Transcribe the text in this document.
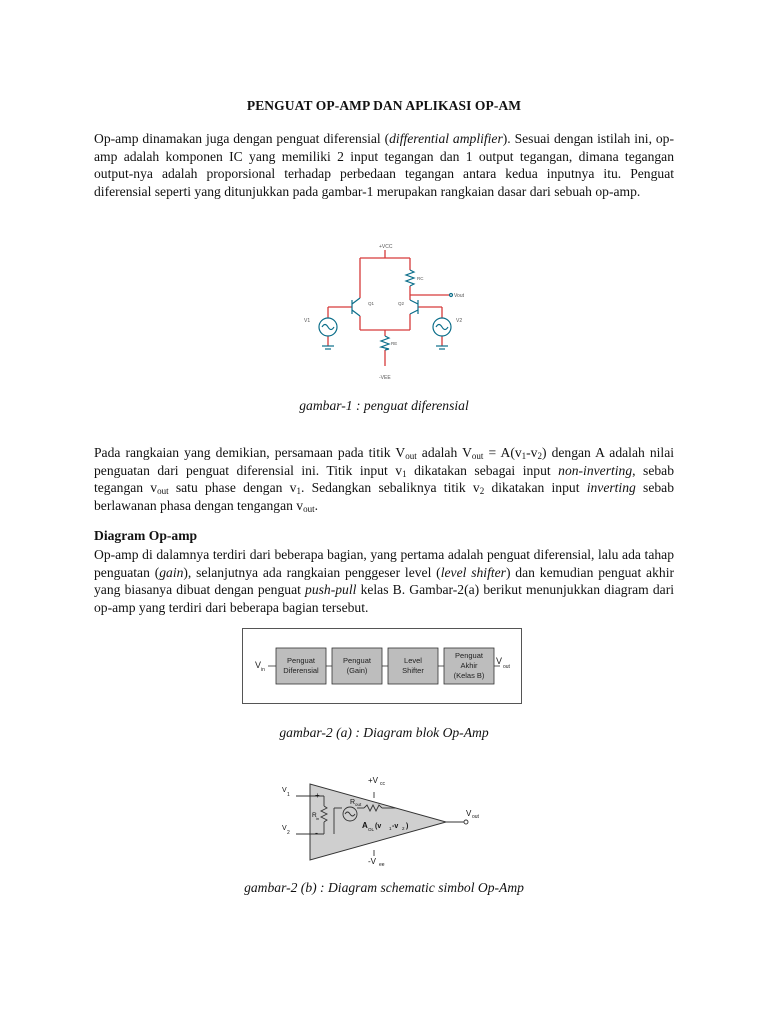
PENGUAT OP-AMP DAN APLIKASI OP-AM
Op-amp dinamakan juga dengan penguat diferensial (differential amplifier). Sesuai dengan istilah ini, op-amp adalah komponen IC yang memiliki 2 input tegangan dan 1 output tegangan, dimana tegangan output-nya adalah proporsional terhadap perbedaan tegangan antara kedua inputnya itu. Penguat diferensial seperti yang ditunjukkan pada gambar-1 merupakan rangkaian dasar dari sebuah op-amp.
+VCC
RC
RE
Q1	Q2
Vout
V1	V2
-VEE
gambar-1 : penguat diferensial
Pada rangkaian yang demikian, persamaan pada titik $V_{out}$ adalah $V_{out} = A(v_1-v_2)$ dengan A adalah nilai penguatan dari penguat diferensial ini. Titik input $v_1$ dikatakan sebagai input non-inverting, sebab tegangan $v_{out}$ satu phase dengan $v_1$. Sedangkan sebaliknya titik $v_2$ dikatakan input inverting sebab berlawanan phasa dengan tengangan $v_{out}$.
Diagram Op-amp
Op-amp di dalamnya terdiri dari beberapa bagian, yang pertama adalah penguat diferensial, lalu ada tahap penguatan (gain), selanjutnya ada rangkaian penggeser level (level shifter) dan kemudian penguat akhir yang biasanya dibuat dengan penguat push-pull kelas B. Gambar-2(a) berikut menunjukkan diagram dari op-amp yang terdiri dari beberapa bagian tersebut.
Penguat
Diferensial
Penguat
(Gain)
Level
Shifter
Penguat
Akhir
(Kelas B)
V in
V
out
gambar-2 (a) : Diagram blok Op-Amp
+
-
V
1
V
2
R out
R in
A OL (v 1 -v 2 )
+V cc
-V ee
V out
gambar-2 (b) : Diagram schematic simbol Op-Amp
